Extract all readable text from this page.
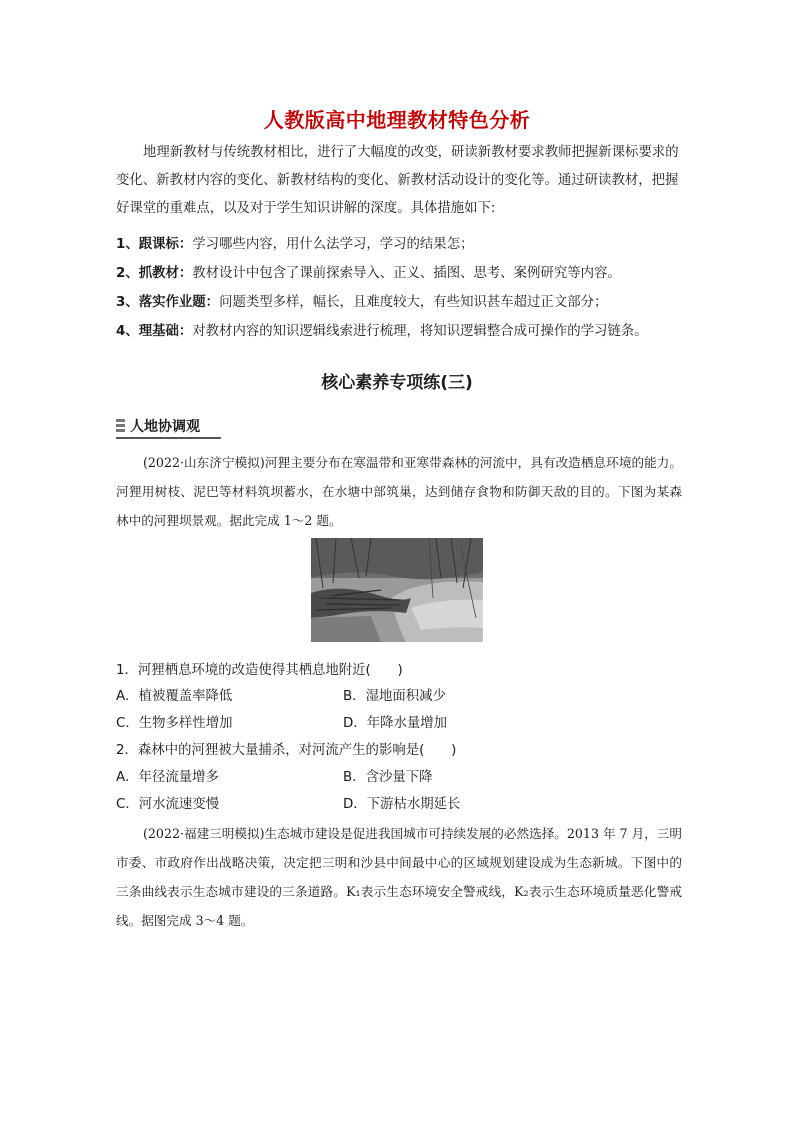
人教版高中地理教材特色分析
地理新教材与传统教材相比，进行了大幅度的改变，研读新教材要求教师把握新课标要求的变化、新教材内容的变化、新教材结构的变化、新教材活动设计的变化等。通过研读教材，把握好课堂的重难点，以及对于学生知识讲解的深度。具体措施如下:
1、跟课标：学习哪些内容，用什么法学习，学习的结果怎；
2、抓教材：教材设计中包含了课前探索导入、正义、插图、思考、案例研究等内容。
3、落实作业题：问题类型多样，幅长，且难度较大，有些知识甚车超过正文部分；
4、理基础：对教材内容的知识逻辑线索进行梳理，将知识逻辑整合成可操作的学习链条。
核心素养专项练(三)
人地协调观
(2022·山东济宁模拟)河狸主要分布在寒温带和亚寒带森林的河流中，具有改造栖息环境的能力。河狸用树枝、泥巴等材料筑坝蓄水，在水塘中部筑巢，达到储存食物和防御天敌的目的。下图为某森林中的河狸坝景观。据此完成 1～2 题。
1．河狸栖息环境的改造使得其栖息地附近(　　)
A．植被覆盖率降低	B．湿地面积减少
C．生物多样性增加	D．年降水量增加
2．森林中的河狸被大量捕杀，对河流产生的影响是(　　)
A．年径流量增多	B．含沙量下降
C．河水流速变慢	D．下游枯水期延长
(2022·福建三明模拟)生态城市建设是促进我国城市可持续发展的必然选择。2013 年 7 月，三明市委、市政府作出战略决策，决定把三明和沙县中间最中心的区域规划建设成为生态新城。下图中的三条曲线表示生态城市建设的三条道路。K₁表示生态环境安全警戒线，K₂表示生态环境质量恶化警戒线。据图完成 3～4 题。
